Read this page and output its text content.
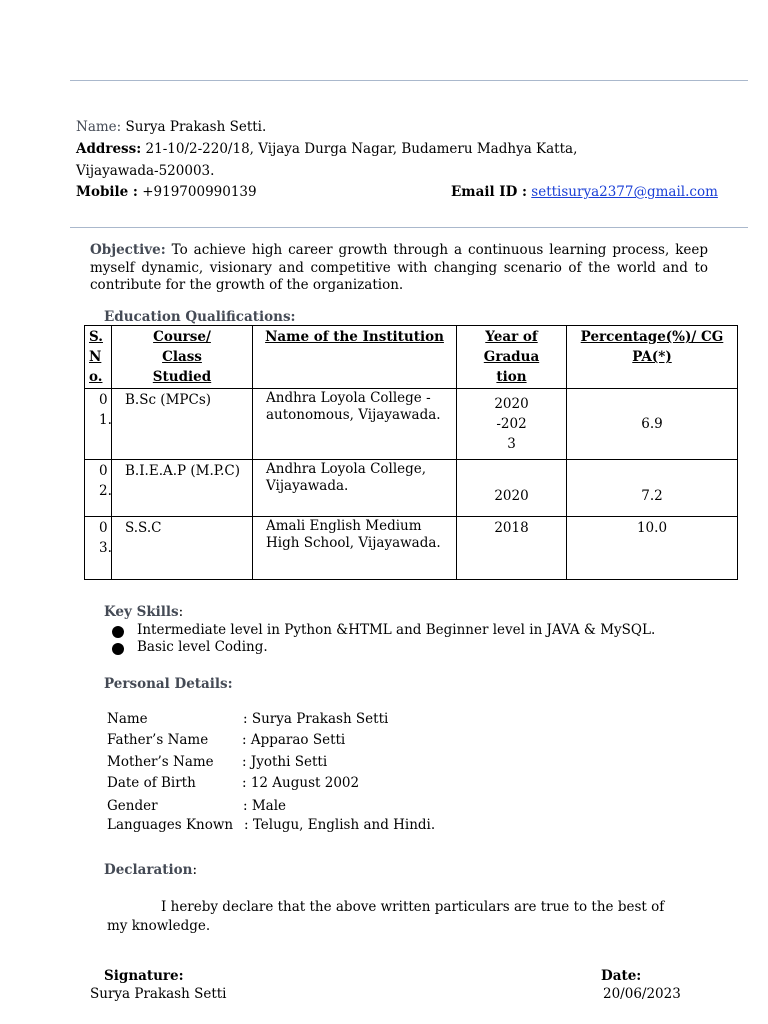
Name: Surya Prakash Setti.
Address: 21-10/2-220/18, Vijaya Durga Nagar, Budameru Madhya Katta,
Vijayawada-520003.
Mobile : +919700990139	Email ID : settisurya2377@gmail.com
Objective: To achieve high career growth through a continuous learning process, keep myself dynamic, visionary and competitive with changing scenario of the world and to contribute for the growth of the organization.
Education Qualifications:
S.No.	Course/ Class Studied	Name of the Institution	Year of Graduation	Percentage(%)/ CGPA(*)
01.	B.Sc (MPCs)	Andhra Loyola College - autonomous, Vijayawada.	2020-2023	6.9
02.	B.I.E.A.P (M.P.C)	Andhra Loyola College, Vijayawada.	2020	7.2
03.	S.S.C	Amali English Medium High School, Vijayawada.	2018	10.0
Key Skills:
Intermediate level in Python &HTML and Beginner level in JAVA & MySQL.
Basic level Coding.
Personal Details:
Name	: Surya Prakash Setti
Father’s Name	: Apparao Setti
Mother’s Name : Jyothi Setti
Date of Birth	: 12 August 2002
Gender	: Male
Languages Known : Telugu, English and Hindi.
Declaration:
I hereby declare that the above written particulars are true to the best of
my knowledge.
Signature:
Surya Prakash Setti
Date:
20/06/2023
